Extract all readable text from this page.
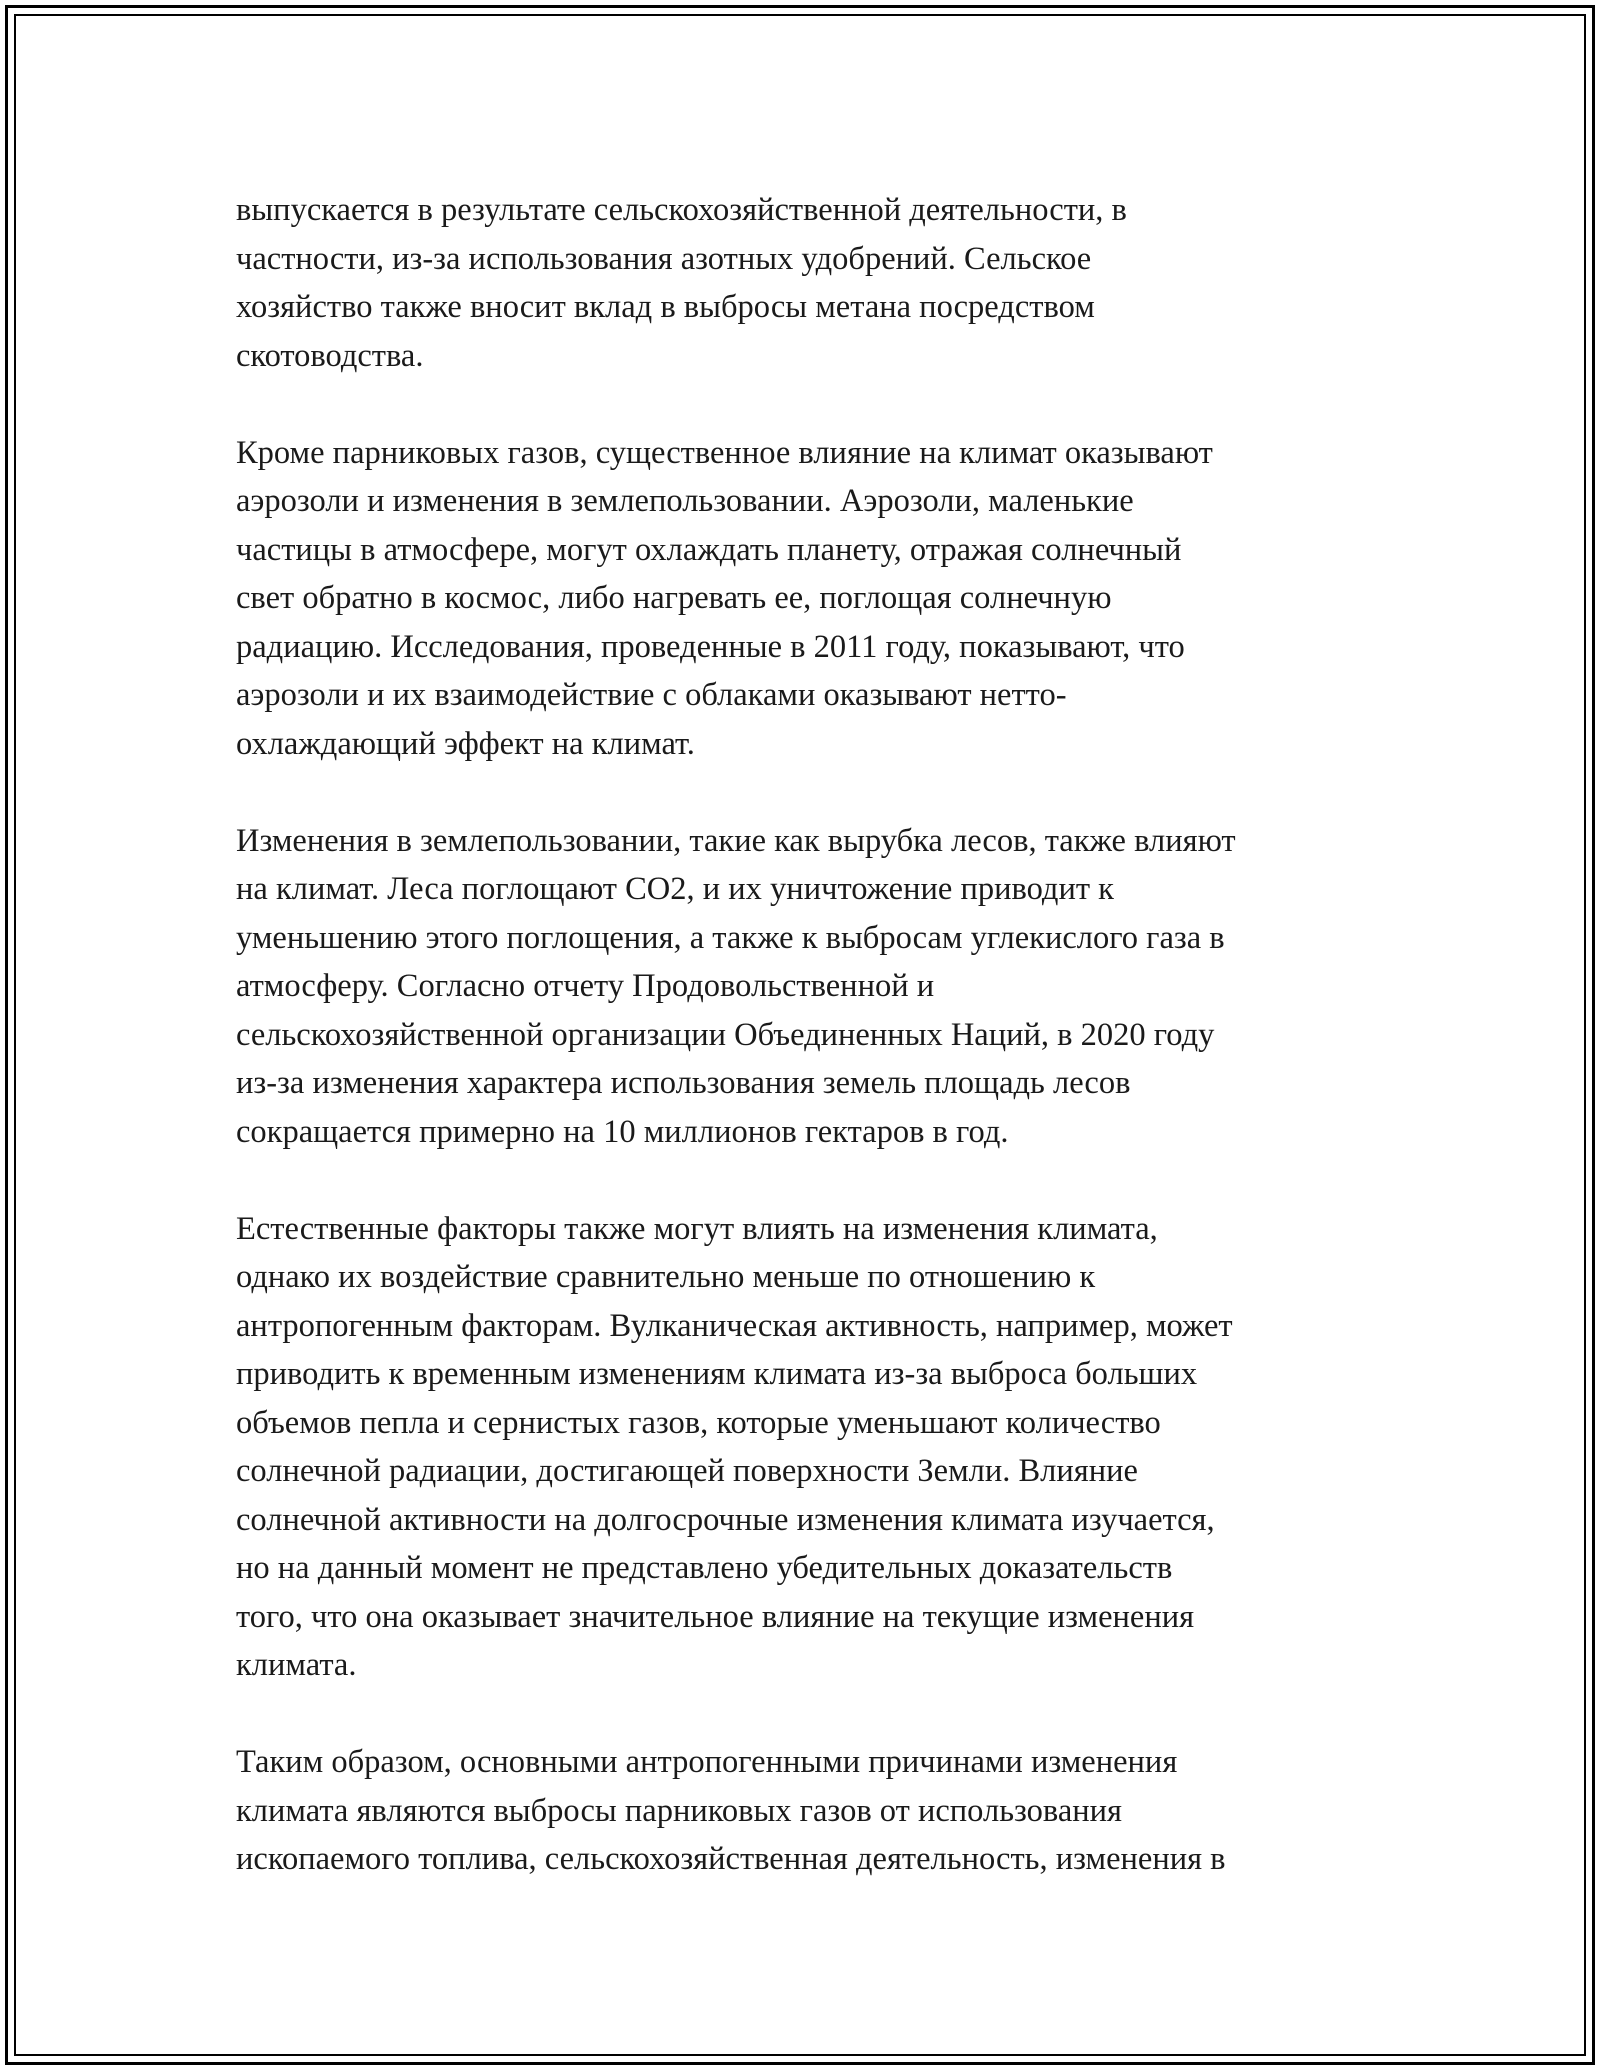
выпускается в результате сельскохозяйственной деятельности, в
частности, из-за использования азотных удобрений. Сельское
хозяйство также вносит вклад в выбросы метана посредством
скотоводства.

Кроме парниковых газов, существенное влияние на климат оказывают
аэрозоли и изменения в землепользовании. Аэрозоли, маленькие
частицы в атмосфере, могут охлаждать планету, отражая солнечный
свет обратно в космос, либо нагревать ее, поглощая солнечную
радиацию. Исследования, проведенные в 2011 году, показывают, что
аэрозоли и их взаимодействие с облаками оказывают нетто-
охлаждающий эффект на климат.

Изменения в землепользовании, такие как вырубка лесов, также влияют
на климат. Леса поглощают CO2, и их уничтожение приводит к
уменьшению этого поглощения, а также к выбросам углекислого газа в
атмосферу. Согласно отчету Продовольственной и
сельскохозяйственной организации Объединенных Наций, в 2020 году
из-за изменения характера использования земель площадь лесов
сокращается примерно на 10 миллионов гектаров в год.

Естественные факторы также могут влиять на изменения климата,
однако их воздействие сравнительно меньше по отношению к
антропогенным факторам. Вулканическая активность, например, может
приводить к временным изменениям климата из-за выброса больших
объемов пепла и сернистых газов, которые уменьшают количество
солнечной радиации, достигающей поверхности Земли. Влияние
солнечной активности на долгосрочные изменения климата изучается,
но на данный момент не представлено убедительных доказательств
того, что она оказывает значительное влияние на текущие изменения
климата.

Таким образом, основными антропогенными причинами изменения
климата являются выбросы парниковых газов от использования
ископаемого топлива, сельскохозяйственная деятельность, изменения в
